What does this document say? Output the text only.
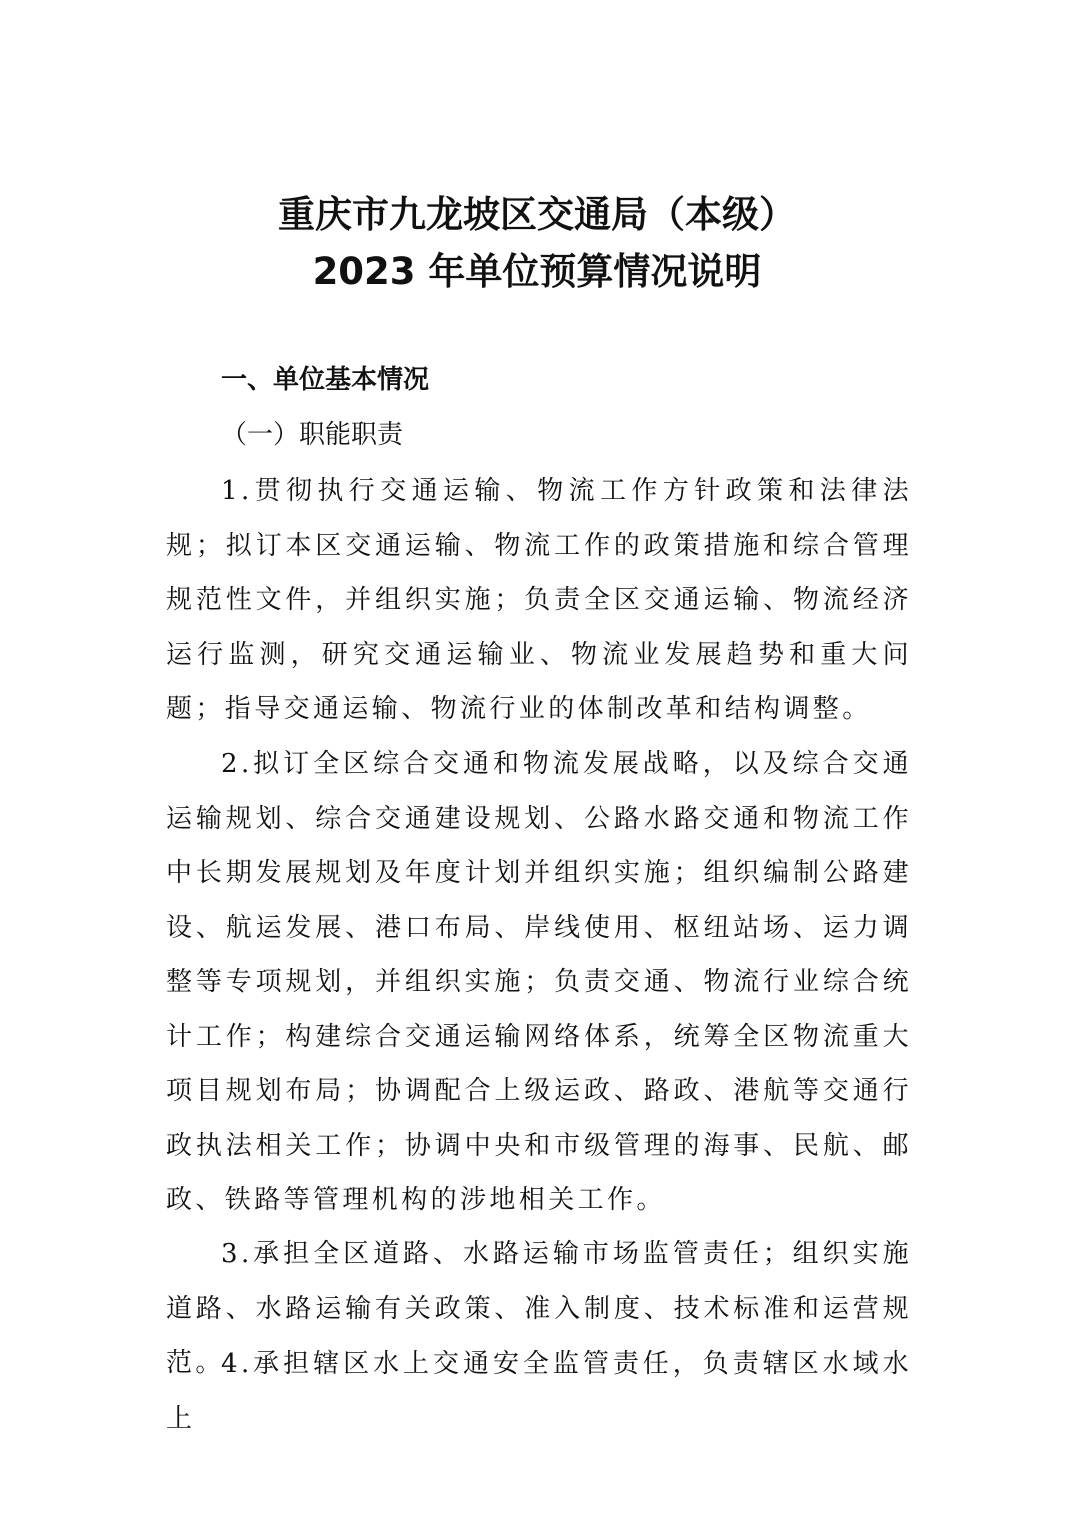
重庆市九龙坡区交通局（本级）
2023 年单位预算情况说明
一、单位基本情况
（一）职能职责

1.贯彻执行交通运输、物流工作方针政策和法律法规；拟订本区交通运输、物流工作的政策措施和综合管理规范性文件，并组织实施；负责全区交通运输、物流经济运行监测，研究交通运输业、物流业发展趋势和重大问题；指导交通运输、物流行业的体制改革和结构调整。

2.拟订全区综合交通和物流发展战略，以及综合交通运输规划、综合交通建设规划、公路水路交通和物流工作中长期发展规划及年度计划并组织实施；组织编制公路建设、航运发展、港口布局、岸线使用、枢纽站场、运力调整等专项规划，并组织实施；负责交通、物流行业综合统计工作；构建综合交通运输网络体系，统筹全区物流重大项目规划布局；协调配合上级运政、路政、港航等交通行政执法相关工作；协调中央和市级管理的海事、民航、邮政、铁路等管理机构的涉地相关工作。

3.承担全区道路、水路运输市场监管责任；组织实施道路、水路运输有关政策、准入制度、技术标准和运营规范。

4.承担辖区水上交通安全监管责任，负责辖区水域水上
